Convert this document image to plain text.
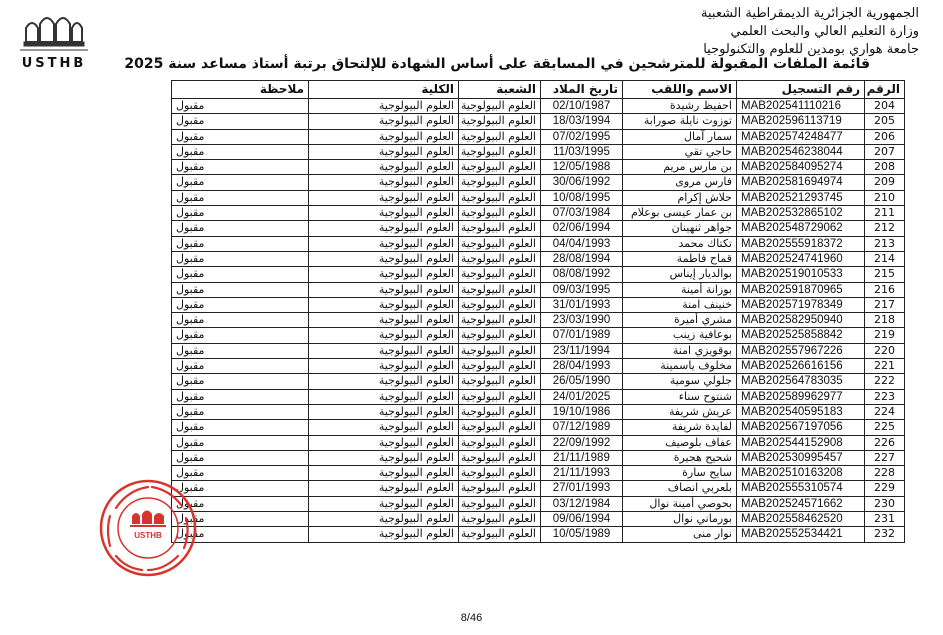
USTHB
الجمهورية الجزائرية الديمقراطية الشعبية
وزارة التعليم العالي والبحث العلمي
جامعة هواري بومدين للعلوم والتكنولوجيا
قائمة الملفات المقبولة للمترشحين في المسابقة على أساس الشهادة للإلتحاق برتبة أستاذ مساعد سنة 2025
الرقم	رقم التسجيل	الاسم واللقب	تاريخ الملاد	الشعبة	الكلية	ملاحظة
204	MAB202541110216	احفيظ رشيدة	02/10/1987	العلوم البيولوجية	العلوم البيولوجية	مقبول
205	MAB202596113719	توزوت نايلة صورابة	18/03/1994	العلوم البيولوجية	العلوم البيولوجية	مقبول
206	MAB202574248477	سمار آمال	07/02/1995	العلوم البيولوجية	العلوم البيولوجية	مقبول
207	MAB202546238044	حاجي تقي	11/03/1995	العلوم البيولوجية	العلوم البيولوجية	مقبول
208	MAB202584095274	بن مارس مريم	12/05/1988	العلوم البيولوجية	العلوم البيولوجية	مقبول
209	MAB202581694974	فارس مروى	30/06/1992	العلوم البيولوجية	العلوم البيولوجية	مقبول
210	MAB202521293745	حلاش إكرام	10/08/1995	العلوم البيولوجية	العلوم البيولوجية	مقبول
211	MAB202532865102	بن عمار عيسى بوعلام	07/03/1984	العلوم البيولوجية	العلوم البيولوجية	مقبول
212	MAB202548729062	جواهر ثنهينان	02/06/1994	العلوم البيولوجية	العلوم البيولوجية	مقبول
213	MAB202555918372	تكتاك محمد	04/04/1993	العلوم البيولوجية	العلوم البيولوجية	مقبول
214	MAB202524741960	قماح فاطمة	28/08/1994	العلوم البيولوجية	العلوم البيولوجية	مقبول
215	MAB202519010533	بوالديار إيناس	08/08/1992	العلوم البيولوجية	العلوم البيولوجية	مقبول
216	MAB202591870965	بوزانة أمينة	09/03/1995	العلوم البيولوجية	العلوم البيولوجية	مقبول
217	MAB202571978349	خنينف امنة	31/01/1993	العلوم البيولوجية	العلوم البيولوجية	مقبول
218	MAB202582950940	مشري أميرة	23/03/1990	العلوم البيولوجية	العلوم البيولوجية	مقبول
219	MAB202525858842	بوعافية زينب	07/01/1989	العلوم البيولوجية	العلوم البيولوجية	مقبول
220	MAB202557967226	بوقويزي امنة	23/11/1994	العلوم البيولوجية	العلوم البيولوجية	مقبول
221	MAB202526616156	مخلوف ياسمينة	28/04/1993	العلوم البيولوجية	العلوم البيولوجية	مقبول
222	MAB202564783035	جلولي سومية	26/05/1990	العلوم البيولوجية	العلوم البيولوجية	مقبول
223	MAB202589962977	شنتوح سناء	24/01/2025	العلوم البيولوجية	العلوم البيولوجية	مقبول
224	MAB202540595183	عريش شريفة	19/10/1986	العلوم البيولوجية	العلوم البيولوجية	مقبول
225	MAB202567197056	لفايدة شريفة	07/12/1989	العلوم البيولوجية	العلوم البيولوجية	مقبول
226	MAB202544152908	عفاف بلوصيف	22/09/1992	العلوم البيولوجية	العلوم البيولوجية	مقبول
227	MAB202530995457	شحيح هجيرة	21/11/1989	العلوم البيولوجية	العلوم البيولوجية	مقبول
228	MAB202510163208	سايح سارة	21/11/1993	العلوم البيولوجية	العلوم البيولوجية	مقبول
229	MAB202555310574	بلعربي انصاف	27/01/1993	العلوم البيولوجية	العلوم البيولوجية	مقبول
230	MAB202524571662	بحوصي أمينة نوال	03/12/1984	العلوم البيولوجية	العلوم البيولوجية	مقبول
231	MAB202558462520	بورماني نوال	09/06/1994	العلوم البيولوجية	العلوم البيولوجية	مقبول
232	MAB202552534421	نوار منى	10/05/1989	العلوم البيولوجية	العلوم البيولوجية	مقبول
USTHB
8/46
